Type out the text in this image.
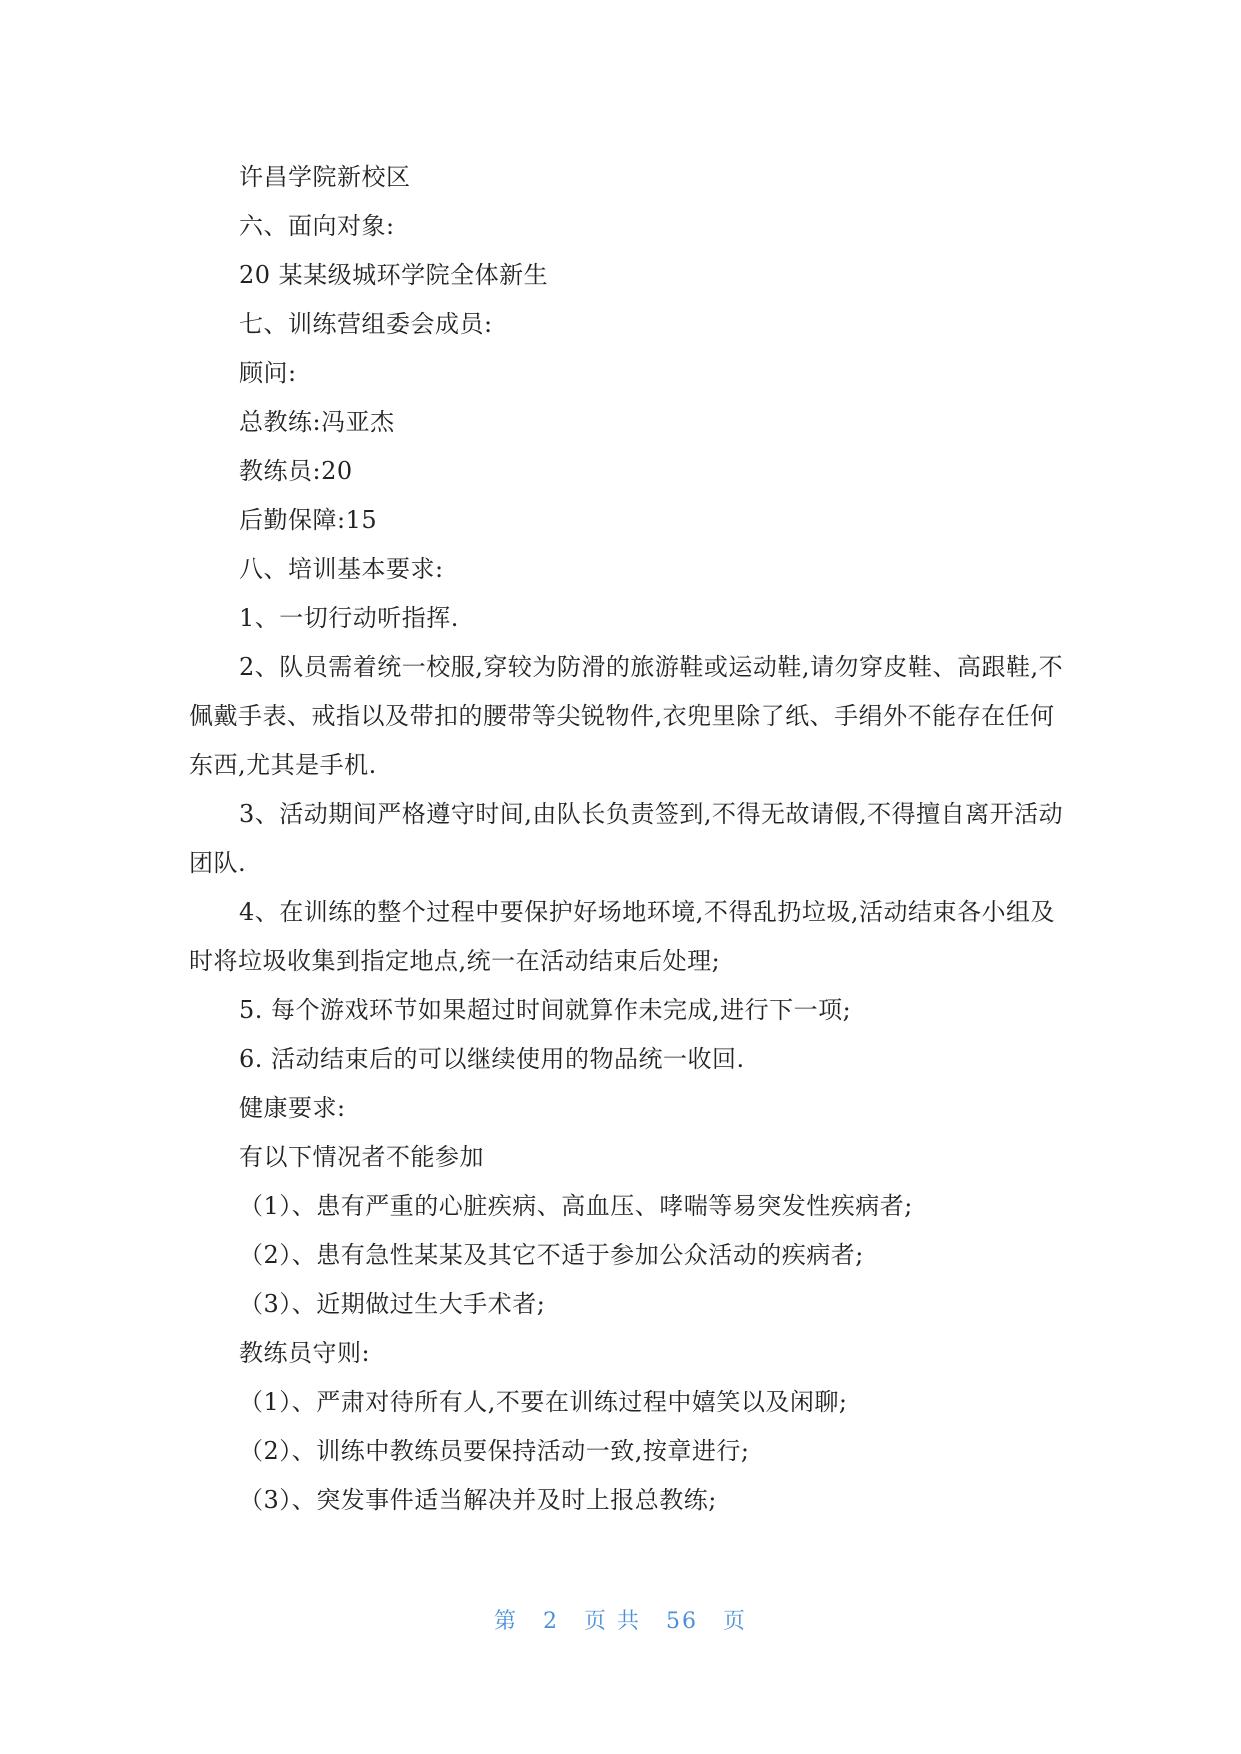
许昌学院新校区

六、面向对象:

20 某某级城环学院全体新生

七、训练营组委会成员:

顾问:

总教练:冯亚杰

教练员:20

后勤保障:15

八、培训基本要求:

1、一切行动听指挥.

2、队员需着统一校服,穿较为防滑的旅游鞋或运动鞋,请勿穿皮鞋、高跟鞋,不佩戴手表、戒指以及带扣的腰带等尖锐物件,衣兜里除了纸、手绢外不能存在任何东西,尤其是手机.

3、活动期间严格遵守时间,由队长负责签到,不得无故请假,不得擅自离开活动团队.

4、在训练的整个过程中要保护好场地环境,不得乱扔垃圾,活动结束各小组及时将垃圾收集到指定地点,统一在活动结束后处理;

5. 每个游戏环节如果超过时间就算作未完成,进行下一项;

6. 活动结束后的可以继续使用的物品统一收回.

健康要求:

有以下情况者不能参加

（1）、患有严重的心脏疾病、高血压、哮喘等易突发性疾病者;

（2）、患有急性某某及其它不适于参加公众活动的疾病者;

（3）、近期做过生大手术者;

教练员守则:

（1）、严肃对待所有人,不要在训练过程中嬉笑以及闲聊;

（2）、训练中教练员要保持活动一致,按章进行;

（3）、突发事件适当解决并及时上报总教练;

第 2 页 共 56 页
